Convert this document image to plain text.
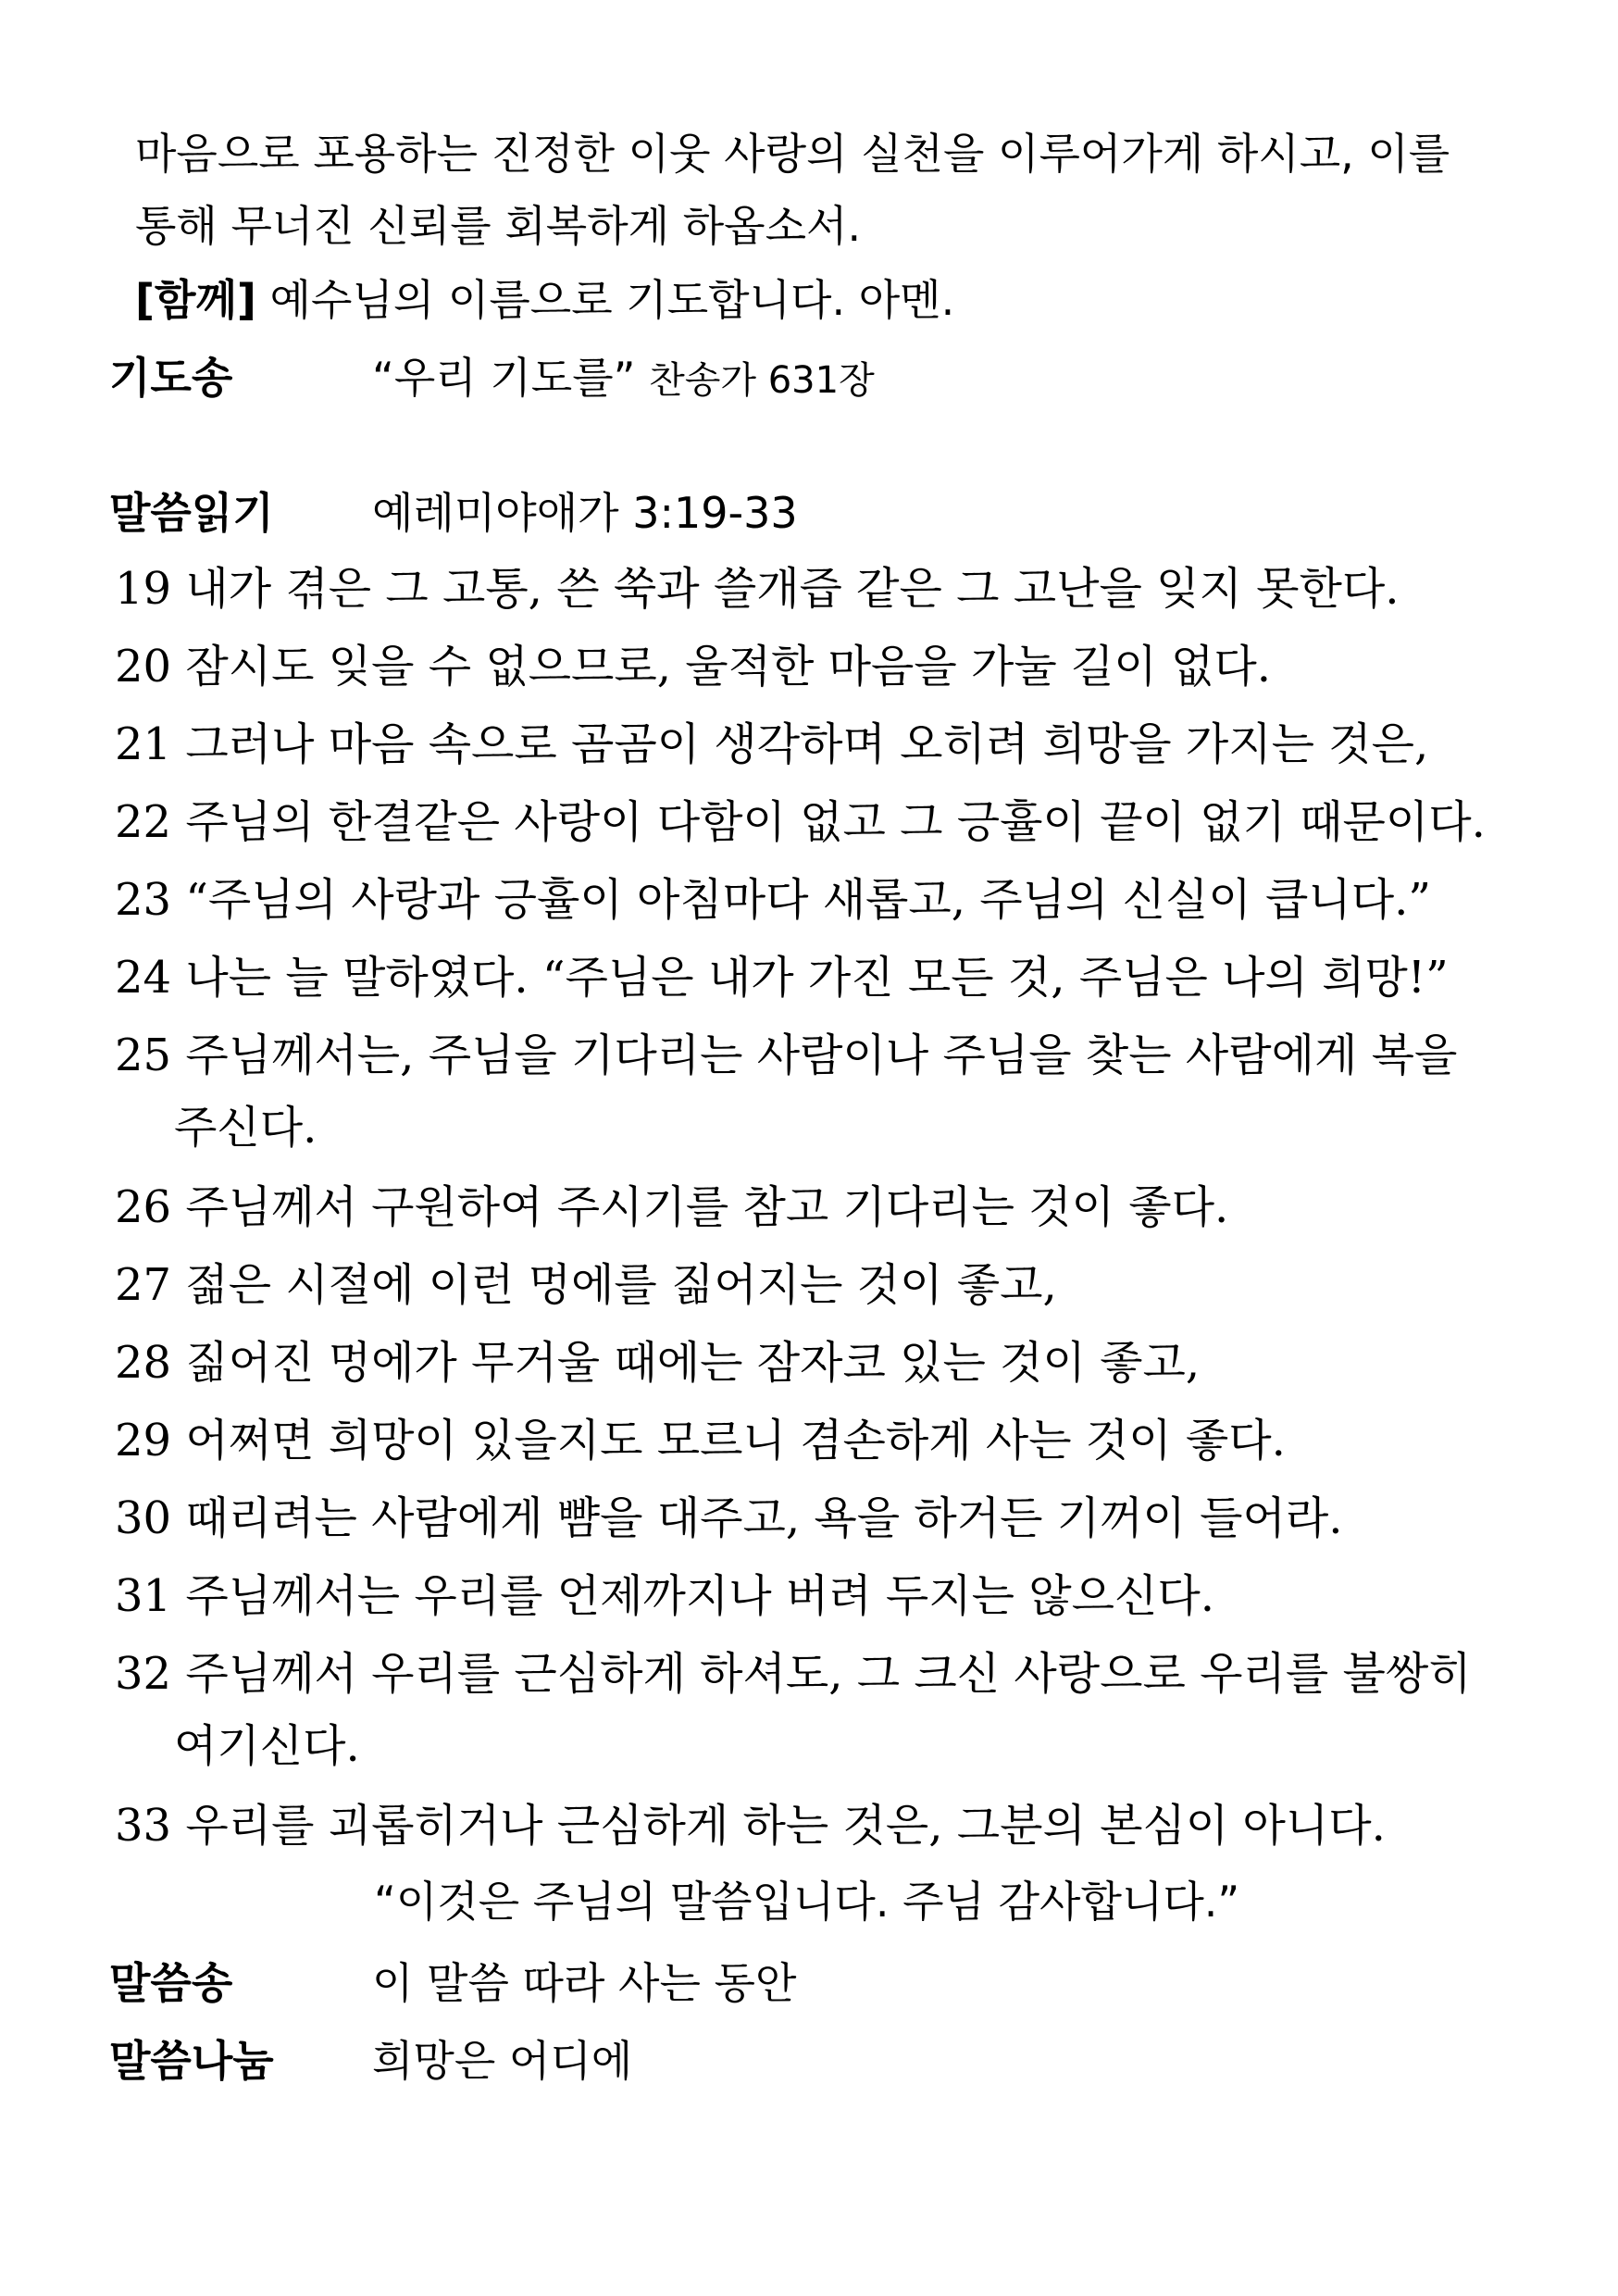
마음으로 포용하는 진정한 이웃 사랑의 실천을 이루어가게 하시고, 이를
통해 무너진 신뢰를 회복하게 하옵소서.
[함께] 예수님의 이름으로 기도합니다. 아멘.
기도송	“우리 기도를” 찬송가 631장
말씀읽기 예레미야애가 3:19-33
19 내가 겪은 그 고통, 쓴 쑥과 쓸개즙 같은 그 고난을 잊지 못한다.
20 잠시도 잊을 수 없으므로, 울적한 마음을 가눌 길이 없다.
21 그러나 마음 속으로 곰곰이 생각하며 오히려 희망을 가지는 것은,
22 주님의 한결같은 사랑이 다함이 없고 그 긍휼이 끝이 없기 때문이다.
23 “주님의 사랑과 긍휼이 아침마다 새롭고, 주님의 신실이 큽니다.”
24 나는 늘 말하였다. “주님은 내가 가진 모든 것, 주님은 나의 희망!”
25 주님께서는, 주님을 기다리는 사람이나 주님을 찾는 사람에게 복을
주신다.
26 주님께서 구원하여 주시기를 참고 기다리는 것이 좋다.
27 젊은 시절에 이런 멍에를 짊어지는 것이 좋고,
28 짊어진 멍에가 무거울 때에는 잠자코 있는 것이 좋고,
29 어쩌면 희망이 있을지도 모르니 겸손하게 사는 것이 좋다.
30 때리려는 사람에게 뺨을 대주고, 욕을 하거든 기꺼이 들어라.
31 주님께서는 우리를 언제까지나 버려 두지는 않으신다.
32 주님께서 우리를 근심하게 하셔도, 그 크신 사랑으로 우리를 불쌍히
여기신다.
33 우리를 괴롭히거나 근심하게 하는 것은, 그분의 본심이 아니다.
“이것은 주님의 말씀입니다. 주님 감사합니다.”
말씀송	이 말씀 따라 사는 동안
말씀나눔 희망은 어디에
